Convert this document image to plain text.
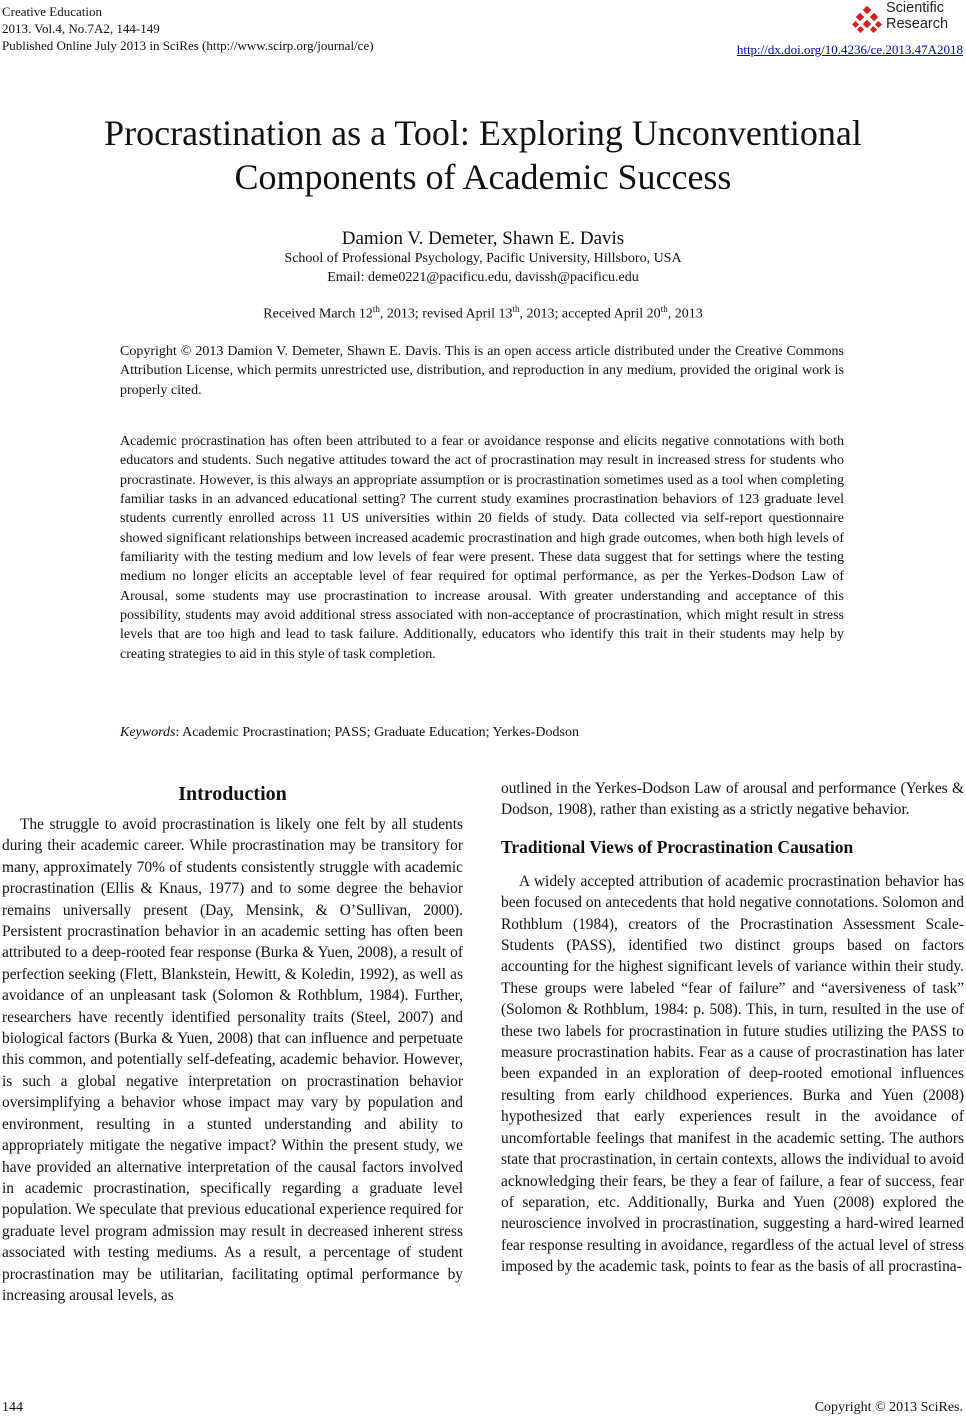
Creative Education
2013. Vol.4, No.7A2, 144-149
Published Online July 2013 in SciRes (http://www.scirp.org/journal/ce)
Scientific
Research
http://dx.doi.org/10.4236/ce.2013.47A2018
Procrastination as a Tool: Exploring Unconventional
Components of Academic Success
Damion V. Demeter, Shawn E. Davis
School of Professional Psychology, Pacific University, Hillsboro, USA
Email: deme0221@pacificu.edu, davissh@pacificu.edu
Received March 12th, 2013; revised April 13th, 2013; accepted April 20th, 2013
Copyright © 2013 Damion V. Demeter, Shawn E. Davis. This is an open access article distributed under the Creative Commons Attribution License, which permits unrestricted use, distribution, and reproduction in any medium, provided the original work is properly cited.
Academic procrastination has often been attributed to a fear or avoidance response and elicits negative connotations with both educators and students. Such negative attitudes toward the act of procrastination may result in increased stress for students who procrastinate. However, is this always an appropriate assumption or is procrastination sometimes used as a tool when completing familiar tasks in an advanced educational setting? The current study examines procrastination behaviors of 123 graduate level students currently enrolled across 11 US universities within 20 fields of study. Data collected via self-report questionnaire showed significant relationships between increased academic procrastination and high grade outcomes, when both high levels of familiarity with the testing medium and low levels of fear were present. These data suggest that for settings where the testing medium no longer elicits an acceptable level of fear required for optimal performance, as per the Yerkes-Dodson Law of Arousal, some students may use procrastination to increase arousal. With greater understanding and acceptance of this possibility, students may avoid additional stress associated with non-acceptance of procrastination, which might result in stress levels that are too high and lead to task failure. Additionally, educators who identify this trait in their students may help by creating strategies to aid in this style of task completion.
Keywords: Academic Procrastination; PASS; Graduate Education; Yerkes-Dodson
Introduction

The struggle to avoid procrastination is likely one felt by all students during their academic career. While procrastination may be transitory for many, approximately 70% of students consistently struggle with academic procrastination (Ellis & Knaus, 1977) and to some degree the behavior remains universally present (Day, Mensink, & O’Sullivan, 2000). Persistent procrastination behavior in an academic setting has often been attributed to a deep-rooted fear response (Burka & Yuen, 2008), a result of perfection seeking (Flett, Blankstein, Hewitt, & Koledin, 1992), as well as avoidance of an unpleasant task (Solomon & Rothblum, 1984). Further, researchers have recently identified personality traits (Steel, 2007) and biological factors (Burka & Yuen, 2008) that can influence and perpetuate this common, and potentially self-defeating, academic behavior. However, is such a global negative interpretation on procrastination behavior oversimplifying a behavior whose impact may vary by population and environment, resulting in a stunted understanding and ability to appropriately mitigate the negative impact? Within the present study, we have provided an alternative interpretation of the causal factors involved in academic procrastination, specifically regarding a graduate level population. We speculate that previous educational experience required for graduate level program admission may result in decreased inherent stress associated with testing mediums. As a result, a percentage of student procrastination may be utilitarian, facilitating optimal performance by increasing arousal levels, as

outlined in the Yerkes-Dodson Law of arousal and performance (Yerkes & Dodson, 1908), rather than existing as a strictly negative behavior.

Traditional Views of Procrastination Causation

A widely accepted attribution of academic procrastination behavior has been focused on antecedents that hold negative connotations. Solomon and Rothblum (1984), creators of the Procrastination Assessment Scale-Students (PASS), identified two distinct groups based on factors accounting for the highest significant levels of variance within their study. These groups were labeled “fear of failure” and “aversiveness of task” (Solomon & Rothblum, 1984: p. 508). This, in turn, resulted in the use of these two labels for procrastination in future studies utilizing the PASS to measure procrastination habits. Fear as a cause of procrastination has later been expanded in an exploration of deep-rooted emotional influences resulting from early childhood experiences. Burka and Yuen (2008) hypothesized that early experiences result in the avoidance of uncomfortable feelings that manifest in the academic setting. The authors state that procrastination, in certain contexts, allows the individual to avoid acknowledging their fears, be they a fear of failure, a fear of success, fear of separation, etc. Additionally, Burka and Yuen (2008) explored the neuroscience involved in procrastination, suggesting a hard-wired learned fear response resulting in avoidance, regardless of the actual level of stress imposed by the academic task, points to fear as the basis of all procrastina-

144	Copyright © 2013 SciRes.
